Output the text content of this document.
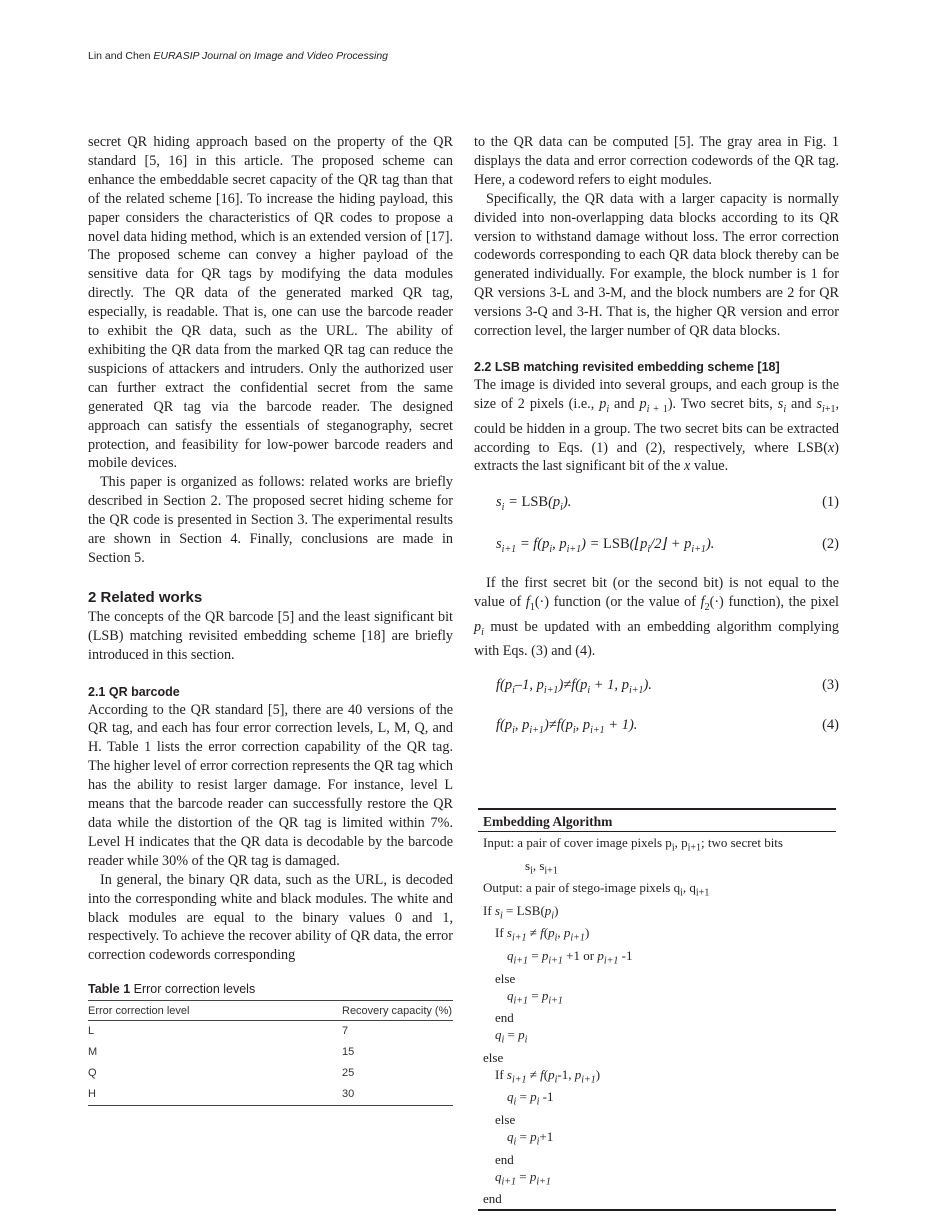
Lin and Chen EURASIP Journal on Image and Video Processing

secret QR hiding approach based on the property of the QR standard [5, 16] in this article. The proposed scheme can enhance the embeddable secret capacity of the QR tag than that of the related scheme [16]. To increase the hiding payload, this paper considers the characteristics of QR codes to propose a novel data hiding method, which is an extended version of [17]. The proposed scheme can convey a higher payload of the sensitive data for QR tags by modifying the data modules directly. The QR data of the generated marked QR tag, especially, is readable. That is, one can use the barcode reader to exhibit the QR data, such as the URL. The ability of exhibiting the QR data from the marked QR tag can reduce the suspicions of attackers and intruders. Only the authorized user can further extract the confidential secret from the same generated QR tag via the barcode reader. The designed approach can satisfy the essentials of steganography, secret protection, and feasibility for low-power barcode readers and mobile devices.

This paper is organized as follows: related works are briefly described in Section 2. The proposed secret hiding scheme for the QR code is presented in Section 3. The experimental results are shown in Section 4. Finally, conclusions are made in Section 5.

2 Related works

The concepts of the QR barcode [5] and the least significant bit (LSB) matching revisited embedding scheme [18] are briefly introduced in this section.

2.1 QR barcode

According to the QR standard [5], there are 40 versions of the QR tag, and each has four error correction levels, L, M, Q, and H. Table 1 lists the error correction capability of the QR tag. The higher level of error correction represents the QR tag which has the ability to resist larger damage. For instance, level L means that the barcode reader can successfully restore the QR data while the distortion of the QR tag is limited within 7%. Level H indicates that the QR data is decodable by the barcode reader while 30% of the QR tag is damaged.

In general, the binary QR data, such as the URL, is decoded into the corresponding white and black modules. The white and black modules are equal to the binary values 0 and 1, respectively. To achieve the recover ability of QR data, the error correction codewords corresponding

Table 1 Error correction levels

Error correction level	Recovery capacity (%)
L	7
M	15
Q	25
H	30

to the QR data can be computed [5]. The gray area in Fig. 1 displays the data and error correction codewords of the QR tag. Here, a codeword refers to eight modules.

Specifically, the QR data with a larger capacity is normally divided into non-overlapping data blocks according to its QR version to withstand damage without loss. The error correction codewords corresponding to each QR data block thereby can be generated individually. For example, the block number is 1 for QR versions 3-L and 3-M, and the block numbers are 2 for QR versions 3-Q and 3-H. That is, the higher QR version and error correction level, the larger number of QR data blocks.

2.2 LSB matching revisited embedding scheme [18]

The image is divided into several groups, and each group is the size of 2 pixels (i.e., $p_i$ and $p_{i + 1}$). Two secret bits, $s_i$ and $s_{i+1}$, could be hidden in a group. The two secret bits can be extracted according to Eqs. (1) and (2), respectively, where LSB(x) extracts the last significant bit of the x value.

$s_i = LSB(p_i)$.	(1)
$s_{i+1} = f(p_i$, $p_{i+1}$) = $LSB(⌊p_i/2⌋ + p_{i+1})$.	(2)

If the first secret bit (or the second bit) is not equal to the value of $f_1(\cdot)$ function (or the value of $f_2(\cdot)$ function), the pixel $p_i$ must be updated with an embedding algorithm complying with Eqs. (3) and (4).

$f(p_i-1$, $p_{i+1})\ne f(p_i + 1$, $p_{i+1}$).	(3)
$f(p_i$, $p_{i+1})\ne f(p_i$, $p_{i+1} + 1$).	(4)
Embedding Algorithm
Input: a pair of cover image pixels $p_i$, $p_{i+1}$; two secret bits
$s_i$, $s_{i+1}$
Output: a pair of stego-image pixels $q_i$, $q_{i+1}$
If $s_i = LSB(p_i)$
If $s_{i+1} \ne f(p_i$, $p_{i+1}$)
$q_{i+1} = p_{i+1} +1$ or $p_{i+1}$ -1
else
$q_{i+1} = p_{i+1}$
end
$q_i = p_i$
else
If $s_{i+1} \ne f(p_i-1$, $p_{i+1}$)
$q_i = p_i$ -1
else
$q_i = p_i+1$
end
$q_{i+1} = p_{i+1}$
end
